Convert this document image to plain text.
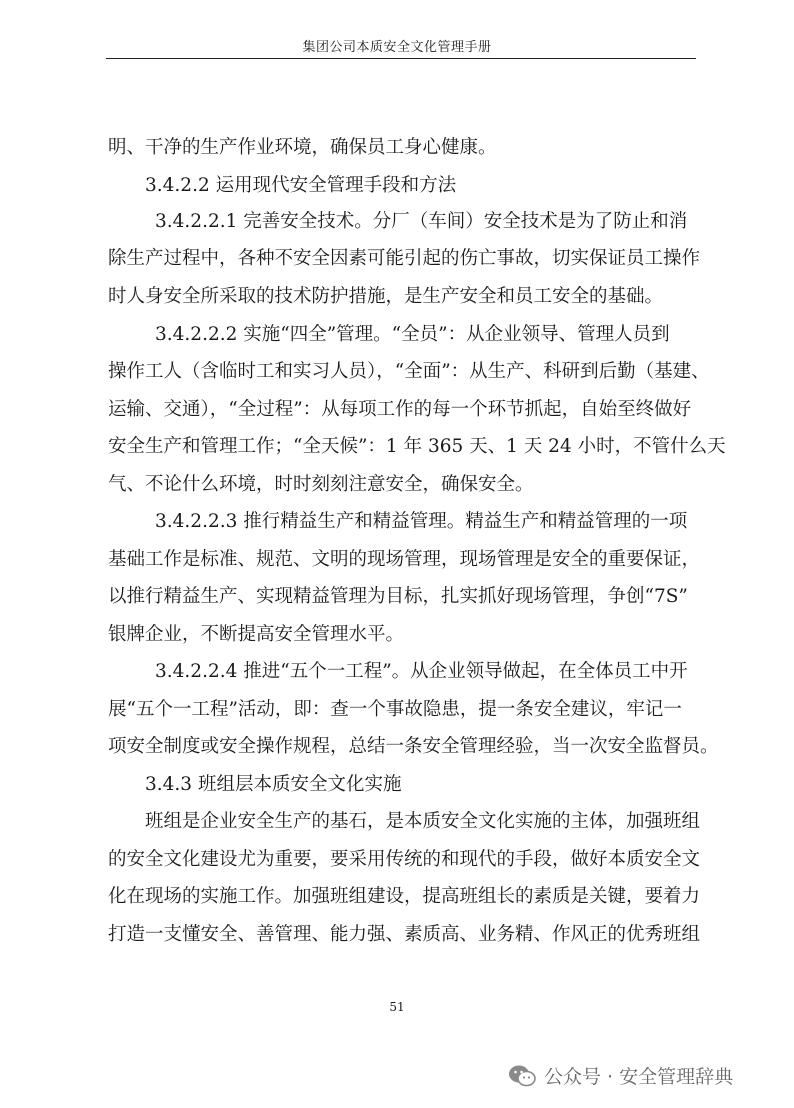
集团公司本质安全文化管理手册
明、干净的生产作业环境，确保员工身心健康。
3.4.2.2 运用现代安全管理手段和方法
3.4.2.2.1 完善安全技术。分厂（车间）安全技术是为了防止和消
除生产过程中，各种不安全因素可能引起的伤亡事故，切实保证员工操作
时人身安全所采取的技术防护措施，是生产安全和员工安全的基础。
3.4.2.2.2 实施“四全”管理。“全员”：从企业领导、管理人员到
操作工人（含临时工和实习人员），“全面”：从生产、科研到后勤（基建、
运输、交通），“全过程”：从每项工作的每一个环节抓起，自始至终做好
安全生产和管理工作；“全天候”：1 年 365 天、1 天 24 小时，不管什么天
气、不论什么环境，时时刻刻注意安全，确保安全。
3.4.2.2.3 推行精益生产和精益管理。精益生产和精益管理的一项
基础工作是标准、规范、文明的现场管理，现场管理是安全的重要保证，
以推行精益生产、实现精益管理为目标，扎实抓好现场管理，争创“7S”
银牌企业，不断提高安全管理水平。
3.4.2.2.4 推进“五个一工程”。从企业领导做起，在全体员工中开
展“五个一工程”活动，即：查一个事故隐患，提一条安全建议，牢记一
项安全制度或安全操作规程，总结一条安全管理经验，当一次安全监督员。
3.4.3 班组层本质安全文化实施
班组是企业安全生产的基石，是本质安全文化实施的主体，加强班组
的安全文化建设尤为重要，要采用传统的和现代的手段，做好本质安全文
化在现场的实施工作。加强班组建设，提高班组长的素质是关键，要着力
打造一支懂安全、善管理、能力强、素质高、业务精、作风正的优秀班组
51
公众号 · 安全管理辞典
